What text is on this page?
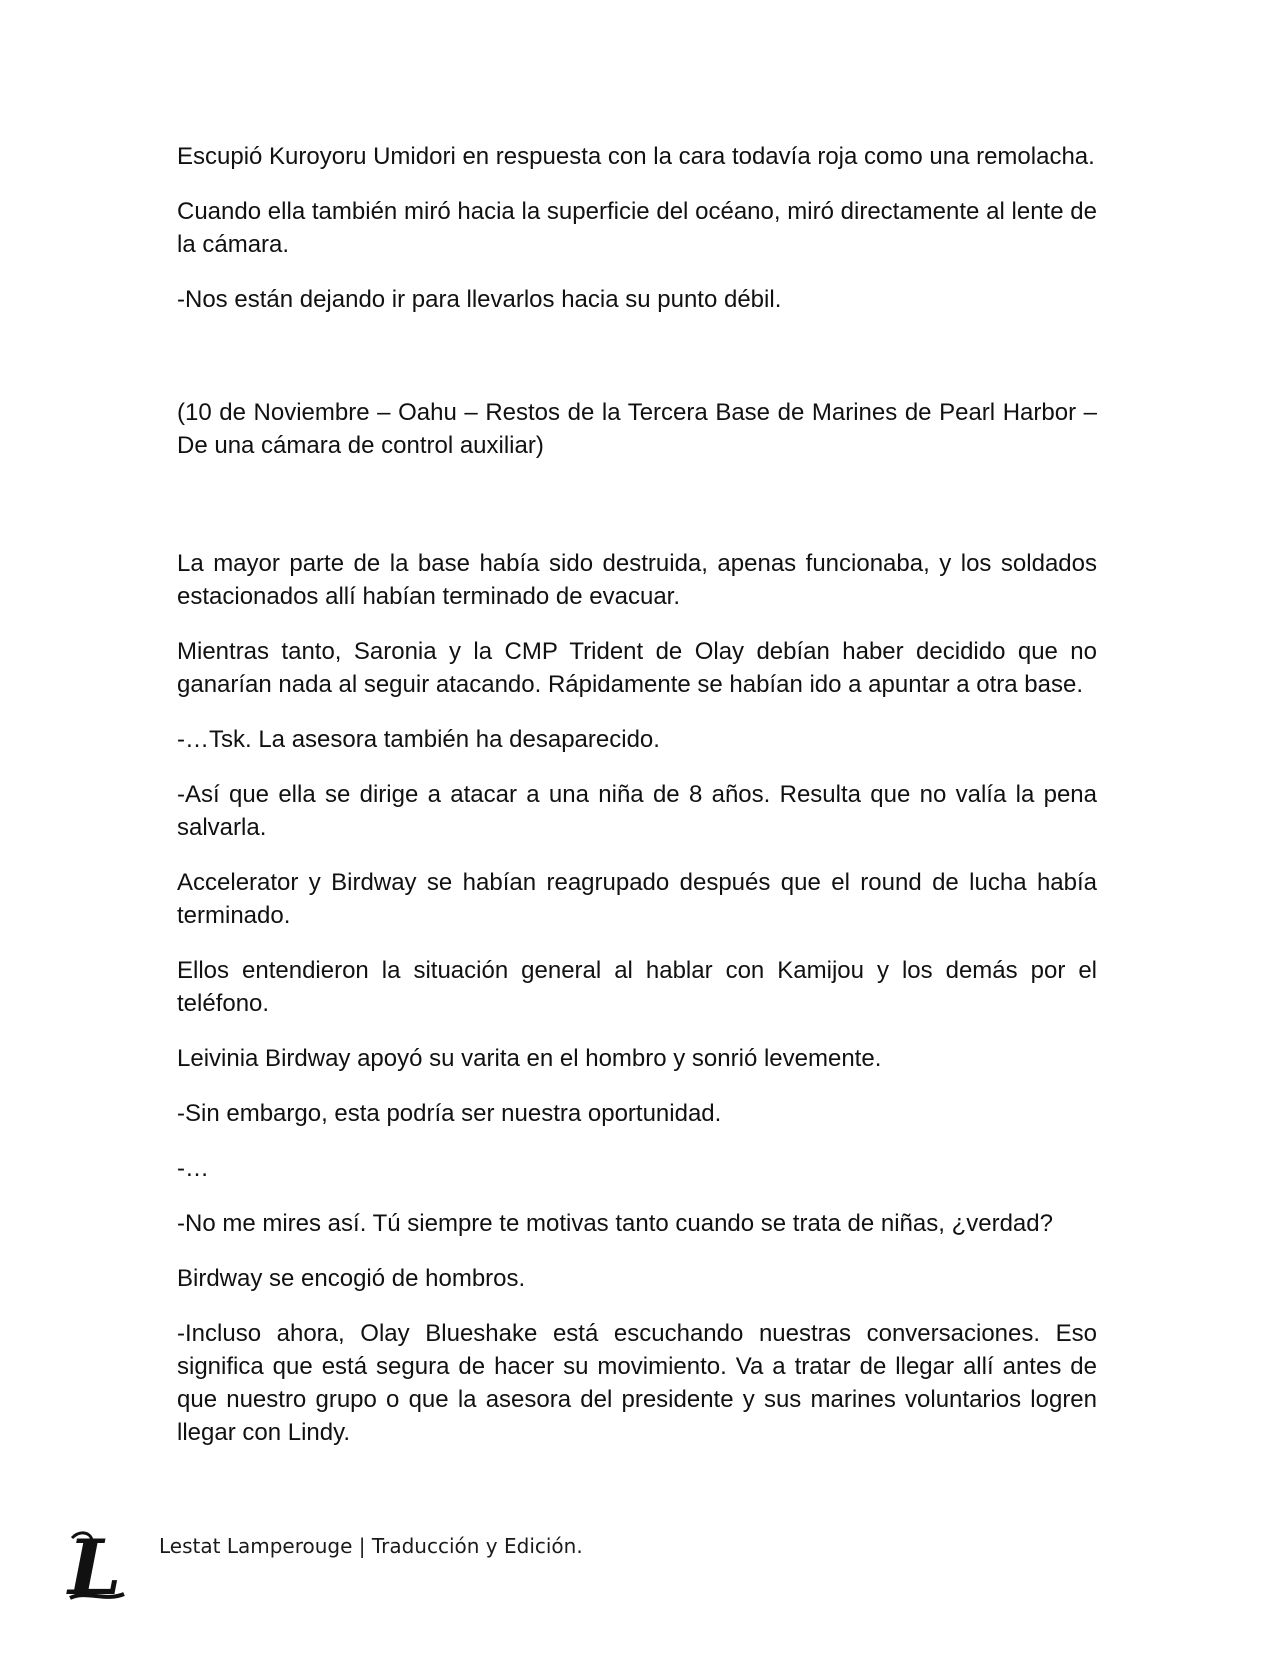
Escupió Kuroyoru Umidori en respuesta con la cara todavía roja como una remolacha.

Cuando ella también miró hacia la superficie del océano, miró directamente al lente de la cámara.

-Nos están dejando ir para llevarlos hacia su punto débil.

(10 de Noviembre – Oahu – Restos de la Tercera Base de Marines de Pearl Harbor – De una cámara de control auxiliar)

La mayor parte de la base había sido destruida, apenas funcionaba, y los soldados estacionados allí habían terminado de evacuar.

Mientras tanto, Saronia y la CMP Trident de Olay debían haber decidido que no ganarían nada al seguir atacando. Rápidamente se habían ido a apuntar a otra base.

-…Tsk. La asesora también ha desaparecido.

-Así que ella se dirige a atacar a una niña de 8 años. Resulta que no valía la pena salvarla.

Accelerator y Birdway se habían reagrupado después que el round de lucha había terminado.

Ellos entendieron la situación general al hablar con Kamijou y los demás por el teléfono.

Leivinia Birdway apoyó su varita en el hombro y sonrió levemente.

-Sin embargo, esta podría ser nuestra oportunidad.

-…

-No me mires así. Tú siempre te motivas tanto cuando se trata de niñas, ¿verdad?

Birdway se encogió de hombros.

-Incluso ahora, Olay Blueshake está escuchando nuestras conversaciones. Eso significa que está segura de hacer su movimiento. Va a tratar de llegar allí antes de que nuestro grupo o que la asesora del presidente y sus marines voluntarios logren llegar con Lindy.

L Lestat Lamperouge | Traducción y Edición.
